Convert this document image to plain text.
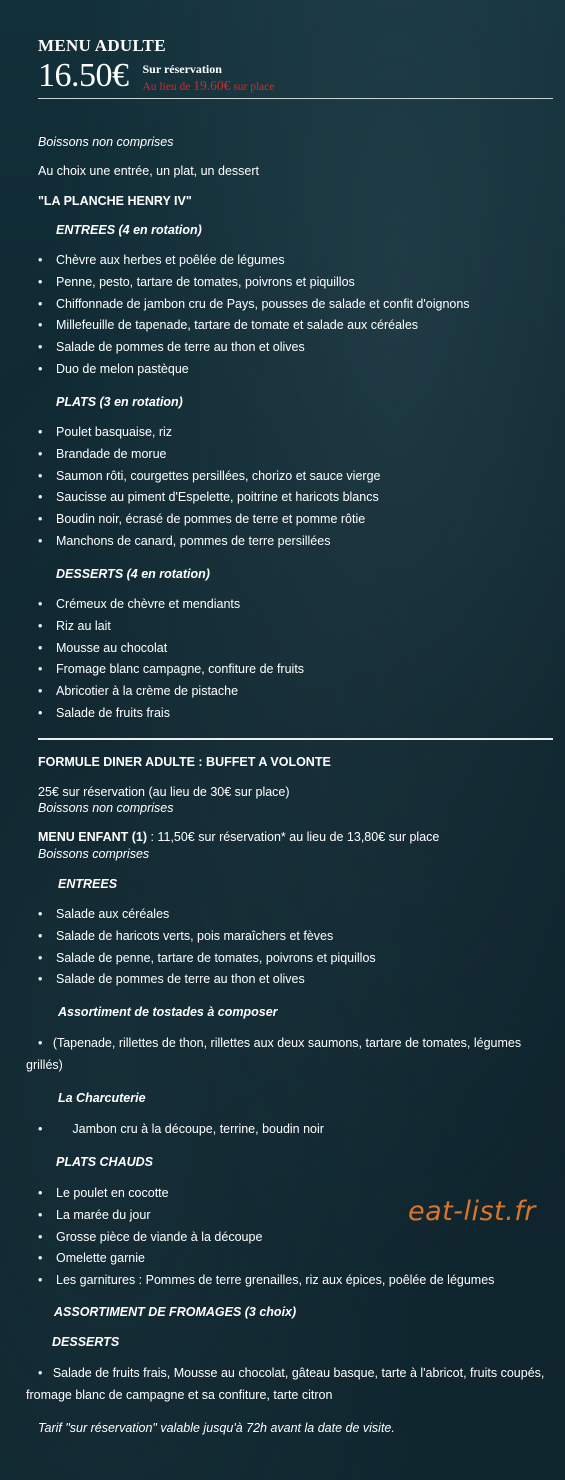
MENU ADULTE
16.50€ Sur réservation
Au lieu de 19.60€ sur place

Boissons non comprises

Au choix une entrée, un plat, un dessert

"LA PLANCHE HENRY IV"

ENTREES (4 en rotation)

• Chèvre aux herbes et poêlée de légumes
• Penne, pesto, tartare de tomates, poivrons et piquillos
• Chiffonnade de jambon cru de Pays, pousses de salade et confit d'oignons
• Millefeuille de tapenade, tartare de tomate et salade aux céréales
• Salade de pommes de terre au thon et olives
• Duo de melon pastèque

PLATS (3 en rotation)

• Poulet basquaise, riz
• Brandade de morue
• Saumon rôti, courgettes persillées, chorizo et sauce vierge
• Saucisse au piment d'Espelette, poitrine et haricots blancs
• Boudin noir, écrasé de pommes de terre et pomme rôtie
• Manchons de canard, pommes de terre persillées

DESSERTS (4 en rotation)

• Crémeux de chèvre et mendiants
• Riz au lait
• Mousse au chocolat
• Fromage blanc campagne, confiture de fruits
• Abricotier à la crème de pistache
• Salade de fruits frais

FORMULE DINER ADULTE : BUFFET A VOLONTE

25€ sur réservation (au lieu de 30€ sur place)

Boissons non comprises

MENU ENFANT (1) : 11,50€ sur réservation* au lieu de 13,80€ sur place

Boissons comprises

ENTREES

• Salade aux céréales
• Salade de haricots verts, pois maraîchers et fèves
• Salade de penne, tartare de tomates, poivrons et piquillos
• Salade de pommes de terre au thon et olives

Assortiment de tostades à composer

• (Tapenade, rillettes de thon, rillettes aux deux saumons, tartare de tomates, légumes grillés)

La Charcuterie

• Jambon cru à la découpe, terrine, boudin noir

PLATS CHAUDS

• Le poulet en cocotte
• La marée du jour
• Grosse pièce de viande à la découpe
• Omelette garnie
• Les garnitures : Pommes de terre grenailles, riz aux épices, poêlée de légumes

ASSORTIMENT DE FROMAGES (3 choix)

DESSERTS

• Salade de fruits frais, Mousse au chocolat, gâteau basque, tarte à l'abricot, fruits coupés, fromage blanc de campagne et sa confiture, tarte citron

Tarif "sur réservation" valable jusqu'à 72h avant la date de visite.

eat-list.fr
